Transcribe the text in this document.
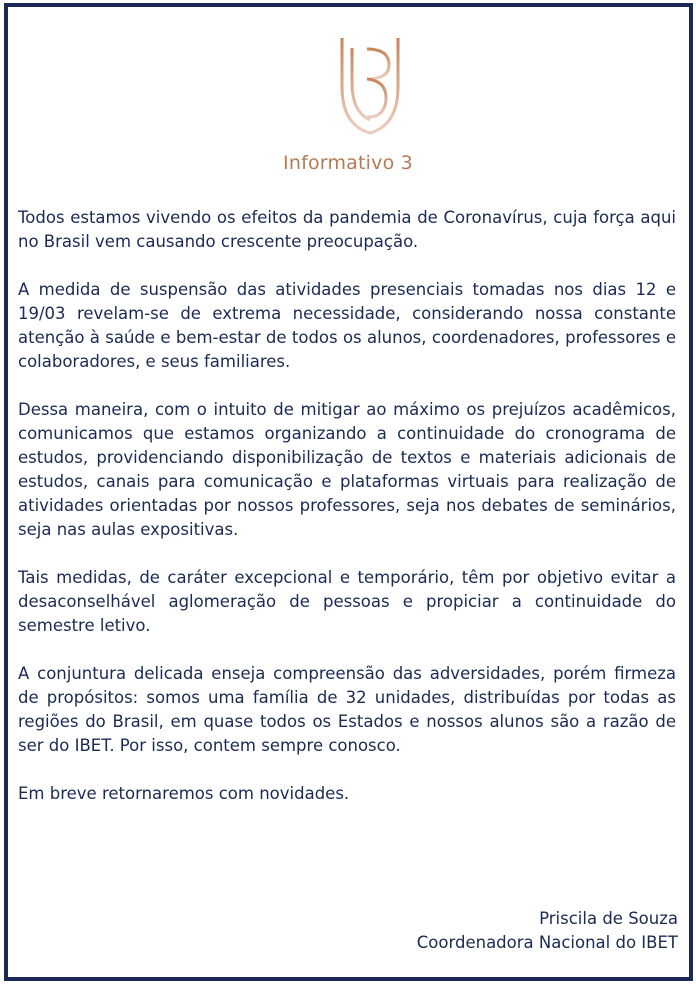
Informativo 3

Todos estamos vivendo os efeitos da pandemia de Coronavírus, cuja força aqui no Brasil vem causando crescente preocupação.

A medida de suspensão das atividades presenciais tomadas nos dias 12 e 19/03 revelam-se de extrema necessidade, considerando nossa constante atenção à saúde e bem-estar de todos os alunos, coordenadores, professores e colaboradores, e seus familiares.

Dessa maneira, com o intuito de mitigar ao máximo os prejuízos acadêmicos, comunicamos que estamos organizando a continuidade do cronograma de estudos, providenciando disponibilização de textos e materiais adicionais de estudos, canais para comunicação e plataformas virtuais para realização de atividades orientadas por nossos professores, seja nos debates de seminários, seja nas aulas expositivas.

Tais medidas, de caráter excepcional e temporário, têm por objetivo evitar a desaconselhável aglomeração de pessoas e propiciar a continuidade do semestre letivo.

A conjuntura delicada enseja compreensão das adversidades, porém firmeza de propósitos: somos uma família de 32 unidades, distribuídas por todas as regiões do Brasil, em quase todos os Estados e nossos alunos são a razão de ser do IBET. Por isso, contem sempre conosco.

Em breve retornaremos com novidades.

Priscila de Souza
Coordenadora Nacional do IBET
